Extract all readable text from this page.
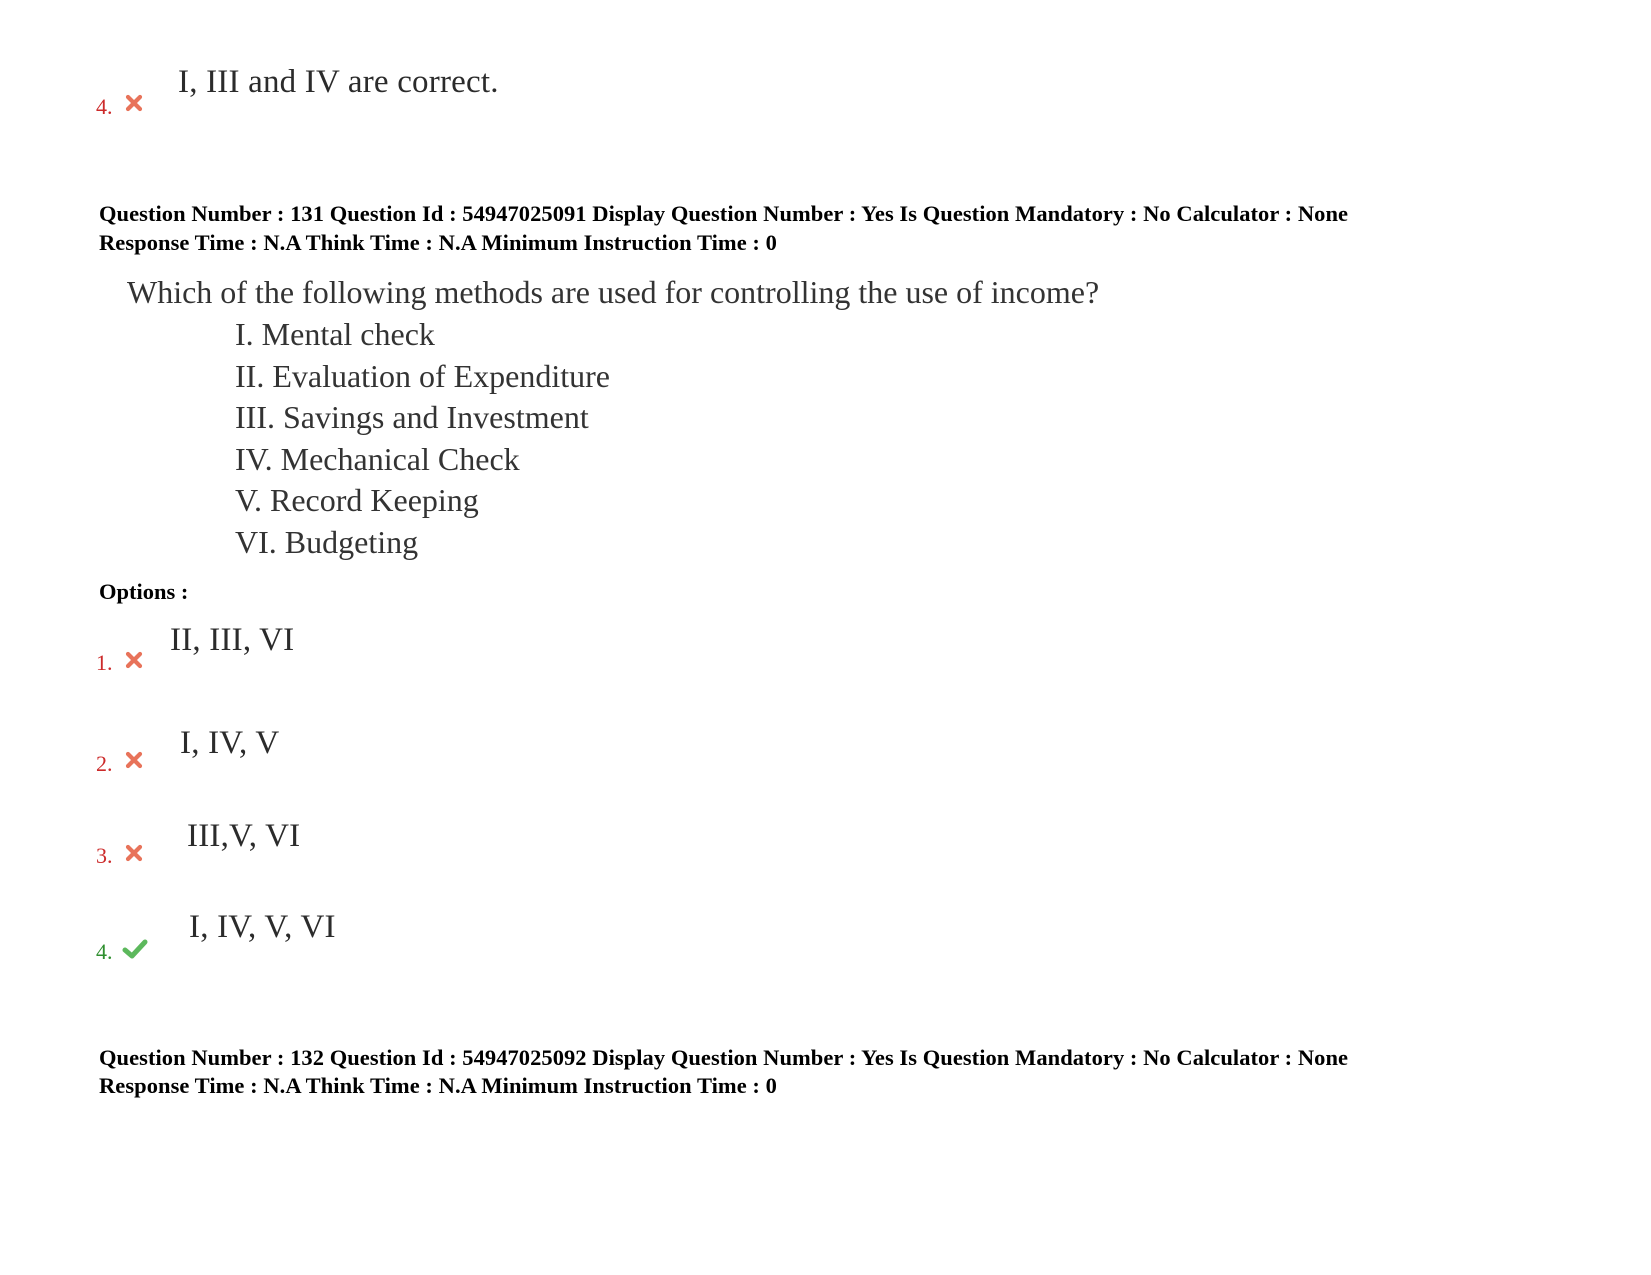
4.
I, III and IV are correct.
Question Number : 131 Question Id : 54947025091 Display Question Number : Yes Is Question Mandatory : No Calculator : None
Response Time : N.A Think Time : N.A Minimum Instruction Time : 0
Which of the following methods are used for controlling the use of income?
I. Mental check
II. Evaluation of Expenditure
III. Savings and Investment
IV. Mechanical Check
V. Record Keeping
VI. Budgeting
Options :
1.
II, III, VI
2.
I, IV, V
3.
III,V, VI
4.
I, IV, V, VI
Question Number : 132 Question Id : 54947025092 Display Question Number : Yes Is Question Mandatory : No Calculator : None
Response Time : N.A Think Time : N.A Minimum Instruction Time : 0
